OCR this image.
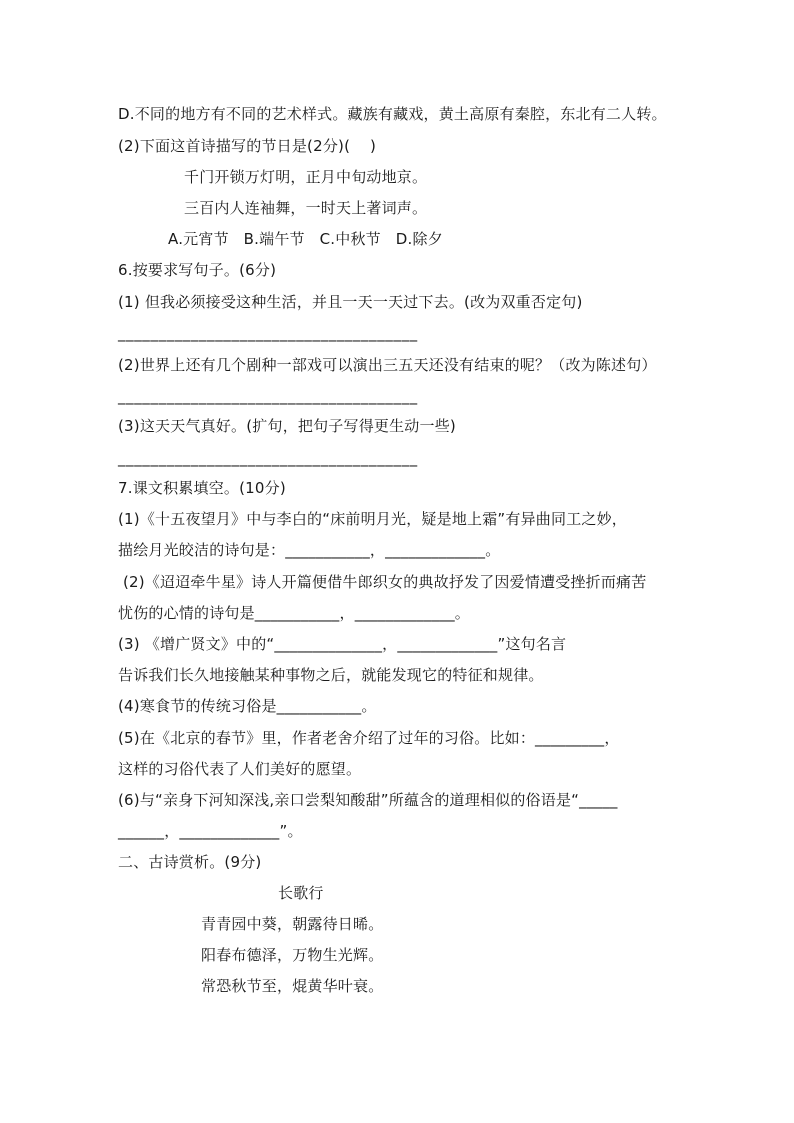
D.不同的地方有不同的艺术样式。藏族有藏戏，黄土高原有秦腔，东北有二人转。
(2)下面这首诗描写的节日是(2分)(    )
千门开锁万灯明，正月中旬动地京。
三百内人连袖舞，一时天上著词声。
A.元宵节   B.端午节   C.中秋节   D.除夕
6.按要求写句子。(6分)
(1) 但我必须接受这种生活，并且一天一天过下去。(改为双重否定句)
_____________________________________
(2)世界上还有几个剧种一部戏可以演出三五天还没有结束的呢？（改为陈述句）
_____________________________________
(3)这天天气真好。(扩句，把句子写得更生动一些)
_____________________________________
7.课文积累填空。(10分)
(1)《十五夜望月》中与李白的“床前明月光，疑是地上霜”有异曲同工之妙，
描绘月光皎洁的诗句是：___________，_____________。
(2)《迢迢牵牛星》诗人开篇便借牛郎织女的典故抒发了因爱情遭受挫折而痛苦
忧伤的心情的诗句是___________，_____________。
(3) 《增广贤文》中的“______________，_____________”这句名言
告诉我们长久地接触某种事物之后，就能发现它的特征和规律。
(4)寒食节的传统习俗是___________。
(5)在《北京的春节》里，作者老舍介绍了过年的习俗。比如：_________，
这样的习俗代表了人们美好的愿望。
(6)与“亲身下河知深浅,亲口尝梨知酸甜”所蕴含的道理相似的俗语是“_____
______，_____________”。
二、古诗赏析。(9分)
长歌行
青青园中葵，朝露待日晞。
阳春布德泽，万物生光辉。
常恐秋节至，焜黄华叶衰。
